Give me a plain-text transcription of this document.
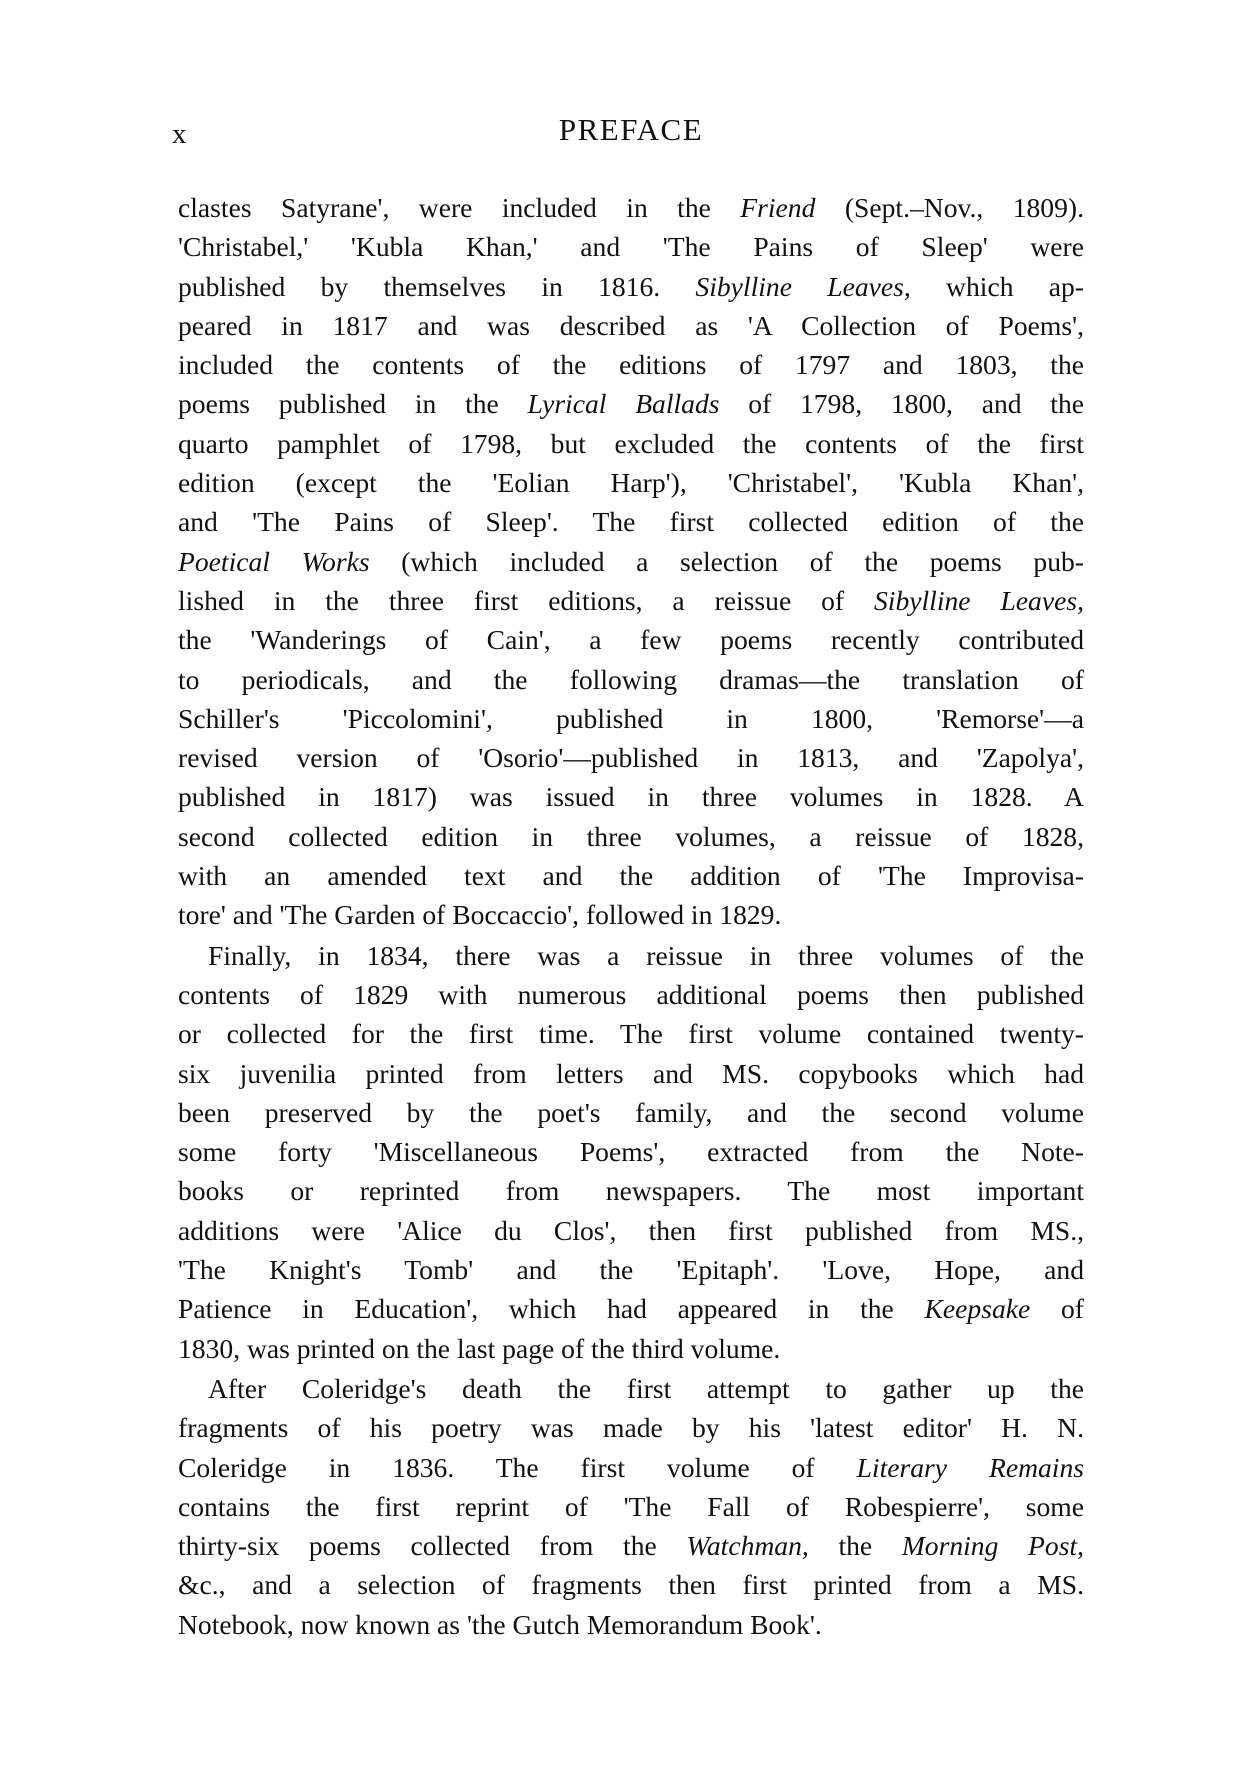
x	PREFACE

clastes Satyrane', were included in the Friend (Sept.–Nov., 1809).
'Christabel,' 'Kubla Khan,' and 'The Pains of Sleep' were
published by themselves in 1816. Sibylline Leaves, which ap-
peared in 1817 and was described as 'A Collection of Poems',
included the contents of the editions of 1797 and 1803, the
poems published in the Lyrical Ballads of 1798, 1800, and the
quarto pamphlet of 1798, but excluded the contents of the first
edition (except the 'Eolian Harp'), 'Christabel', 'Kubla Khan',
and 'The Pains of Sleep'. The first collected edition of the
Poetical Works (which included a selection of the poems pub-
lished in the three first editions, a reissue of Sibylline Leaves,
the 'Wanderings of Cain', a few poems recently contributed
to periodicals, and the following dramas—the translation of
Schiller's 'Piccolomini', published in 1800, 'Remorse'—a
revised version of 'Osorio'—published in 1813, and 'Zapolya',
published in 1817) was issued in three volumes in 1828. A
second collected edition in three volumes, a reissue of 1828,
with an amended text and the addition of 'The Improvisa-
tore' and 'The Garden of Boccaccio', followed in 1829.

Finally, in 1834, there was a reissue in three volumes of the
contents of 1829 with numerous additional poems then published
or collected for the first time. The first volume contained twenty-
six juvenilia printed from letters and MS. copybooks which had
been preserved by the poet's family, and the second volume
some forty 'Miscellaneous Poems', extracted from the Note-
books or reprinted from newspapers. The most important
additions were 'Alice du Clos', then first published from MS.,
'The Knight's Tomb' and the 'Epitaph'. 'Love, Hope, and
Patience in Education', which had appeared in the Keepsake of
1830, was printed on the last page of the third volume.

After Coleridge's death the first attempt to gather up the
fragments of his poetry was made by his 'latest editor' H. N.
Coleridge in 1836. The first volume of Literary Remains
contains the first reprint of 'The Fall of Robespierre', some
thirty-six poems collected from the Watchman, the Morning Post,
&c., and a selection of fragments then first printed from a MS.
Notebook, now known as 'the Gutch Memorandum Book'.
